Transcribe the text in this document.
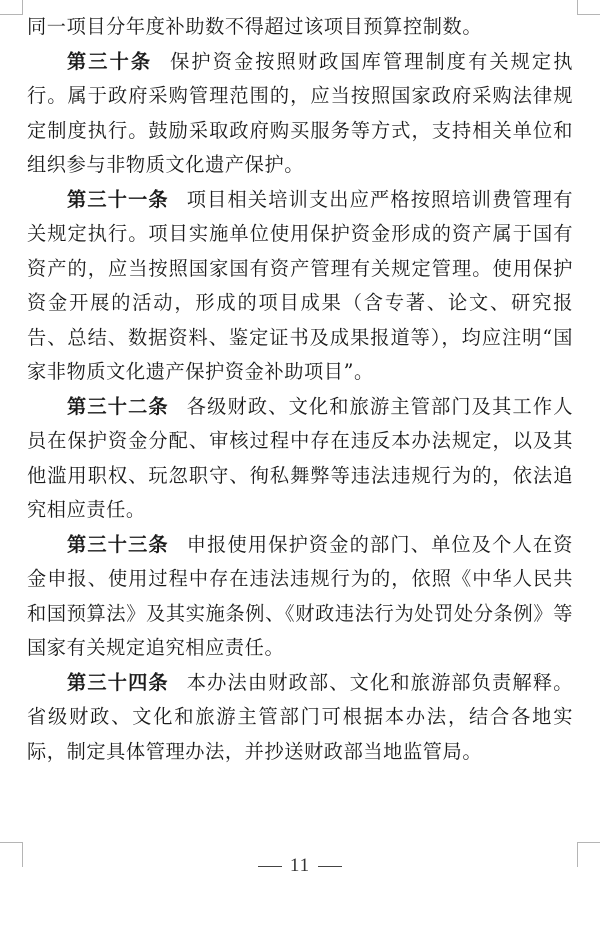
同一项目分年度补助数不得超过该项目预算控制数。

第三十条 保护资金按照财政国库管理制度有关规定执行。属于政府采购管理范围的，应当按照国家政府采购法律规定制度执行。鼓励采取政府购买服务等方式，支持相关单位和组织参与非物质文化遗产保护。

第三十一条 项目相关培训支出应严格按照培训费管理有关规定执行。项目实施单位使用保护资金形成的资产属于国有资产的，应当按照国家国有资产管理有关规定管理。使用保护资金开展的活动，形成的项目成果（含专著、论文、研究报告、总结、数据资料、鉴定证书及成果报道等），均应注明“国家非物质文化遗产保护资金补助项目”。

第三十二条 各级财政、文化和旅游主管部门及其工作人员在保护资金分配、审核过程中存在违反本办法规定，以及其他滥用职权、玩忽职守、徇私舞弊等违法违规行为的，依法追究相应责任。

第三十三条 申报使用保护资金的部门、单位及个人在资金申报、使用过程中存在违法违规行为的，依照《中华人民共和国预算法》及其实施条例、《财政违法行为处罚处分条例》等国家有关规定追究相应责任。

第三十四条 本办法由财政部、文化和旅游部负责解释。省级财政、文化和旅游主管部门可根据本办法，结合各地实际，制定具体管理办法，并抄送财政部当地监管局。

11
